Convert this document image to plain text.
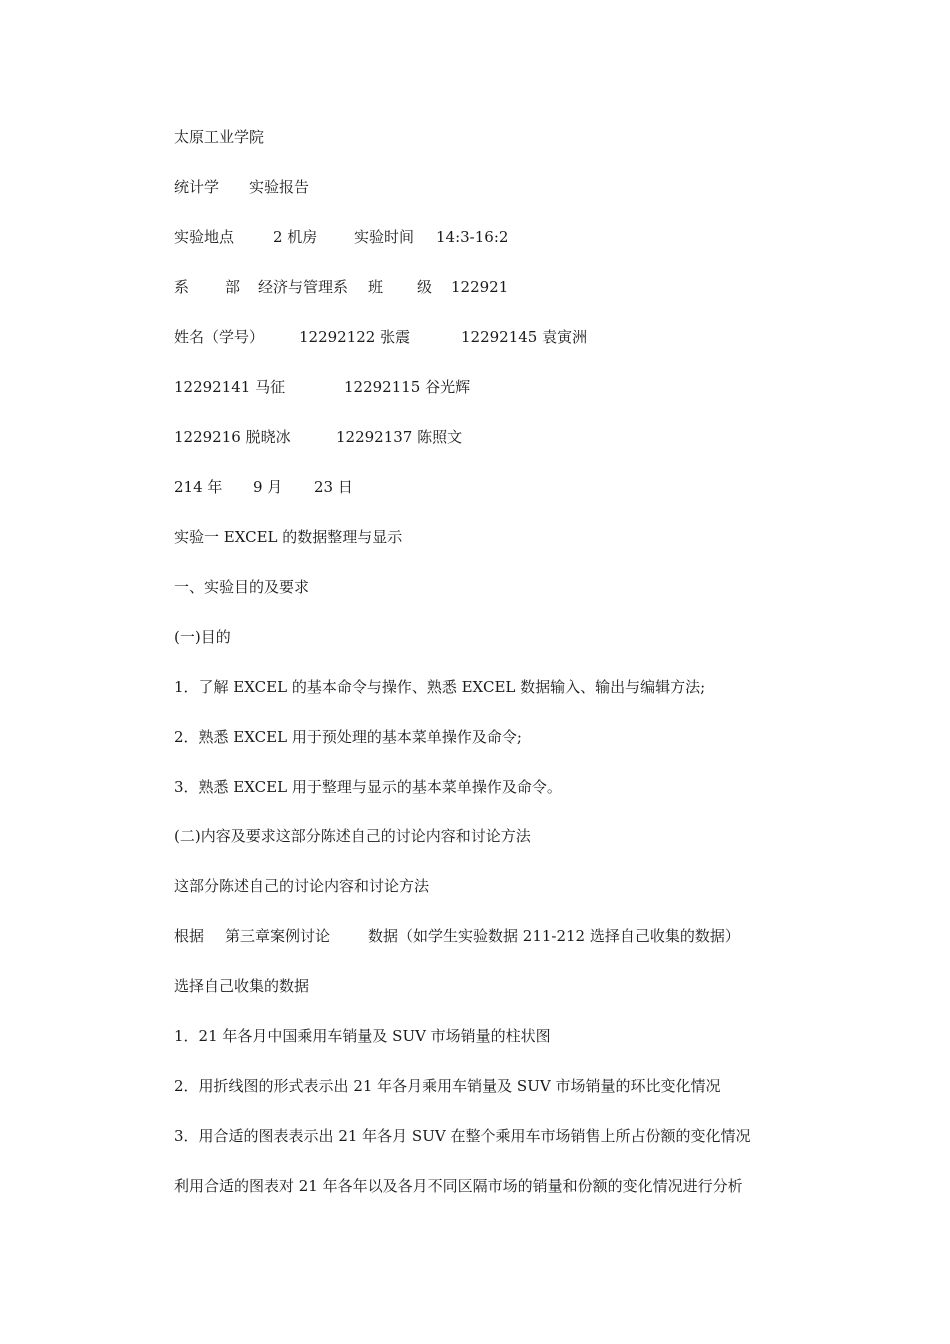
太原工业学院

统计学

实验报告

实验地点

	2 机房

实验时间

14:3-16:2

系

部

经济与管理系

班

级

122921

姓名（学号）

12292122 张震

	12292145 袁寅洲

12292141 马征

	12292115 谷光辉

1229216 脱晓冰

	12292137 陈照文

214 年

9 月

23 日

实验一 EXCEL 的数据整理与显示
一、实验目的及要求
(一)目的
1．了解 EXCEL 的基本命令与操作、熟悉 EXCEL 数据输入、输出与编辑方法;
2．熟悉 EXCEL 用于预处理的基本菜单操作及命令;
3．熟悉 EXCEL 用于整理与显示的基本菜单操作及命令。
(二)内容及要求这部分陈述自己的讨论内容和讨论方法
这部分陈述自己的讨论内容和讨论方法

根据

第三章案例讨论

	数据（如学生实验数据 211-212 选择自己收集的数据）

选择自己收集的数据
1．21 年各月中国乘用车销量及 SUV 市场销量的柱状图
2．用折线图的形式表示出 21 年各月乘用车销量及 SUV 市场销量的环比变化情况
3．用合适的图表表示出 21 年各月 SUV 在整个乘用车市场销售上所占份额的变化情况
利用合适的图表对 21 年各年以及各月不同区隔市场的销量和份额的变化情况进行分析
